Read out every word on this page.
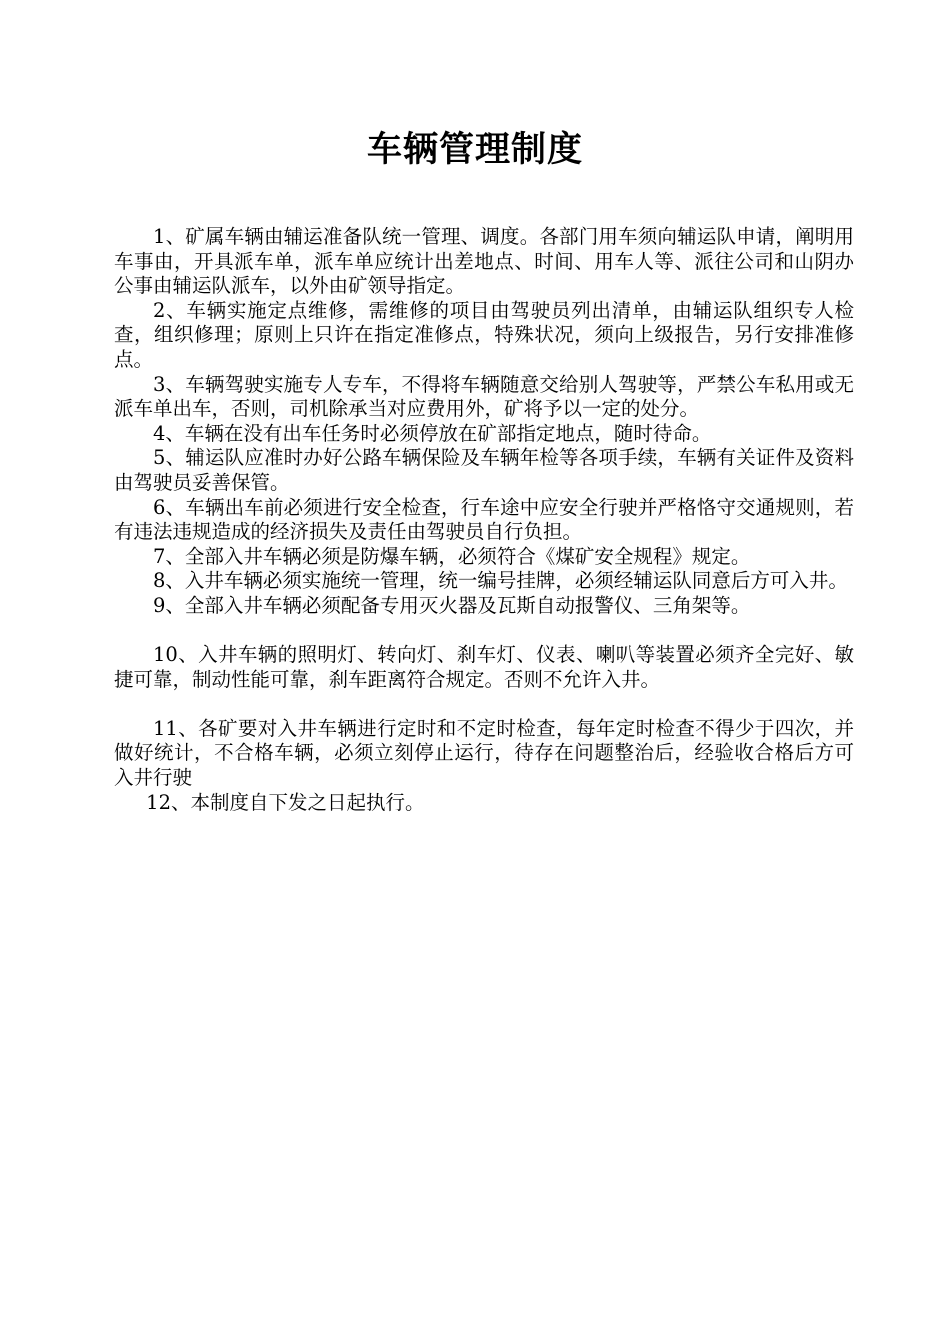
车辆管理制度

1、矿属车辆由辅运准备队统一管理、调度。各部门用车须向辅运队申请，阐明用车事由，开具派车单，派车单应统计出差地点、时间、用车人等、派往公司和山阴办公事由辅运队派车，以外由矿领导指定。

2、车辆实施定点维修，需维修的项目由驾驶员列出清单，由辅运队组织专人检查，组织修理；原则上只许在指定准修点，特殊状况，须向上级报告，另行安排准修点。

3、车辆驾驶实施专人专车，不得将车辆随意交给别人驾驶等，严禁公车私用或无派车单出车，否则，司机除承当对应费用外，矿将予以一定的处分。

4、车辆在没有出车任务时必须停放在矿部指定地点，随时待命。

5、辅运队应准时办好公路车辆保险及车辆年检等各项手续，车辆有关证件及资料由驾驶员妥善保管。

6、车辆出车前必须进行安全检查，行车途中应安全行驶并严格恪守交通规则，若有违法违规造成的经济损失及责任由驾驶员自行负担。

7、全部入井车辆必须是防爆车辆，必须符合《煤矿安全规程》规定。

8、入井车辆必须实施统一管理，统一编号挂牌，必须经辅运队同意后方可入井。

9、全部入井车辆必须配备专用灭火器及瓦斯自动报警仪、三角架等。

10、入井车辆的照明灯、转向灯、刹车灯、仪表、喇叭等装置必须齐全完好、敏捷可靠，制动性能可靠，刹车距离符合规定。否则不允许入井。

11、各矿要对入井车辆进行定时和不定时检查，每年定时检查不得少于四次，并做好统计，不合格车辆，必须立刻停止运行，待存在问题整治后，经验收合格后方可入井行驶

12、本制度自下发之日起执行。
